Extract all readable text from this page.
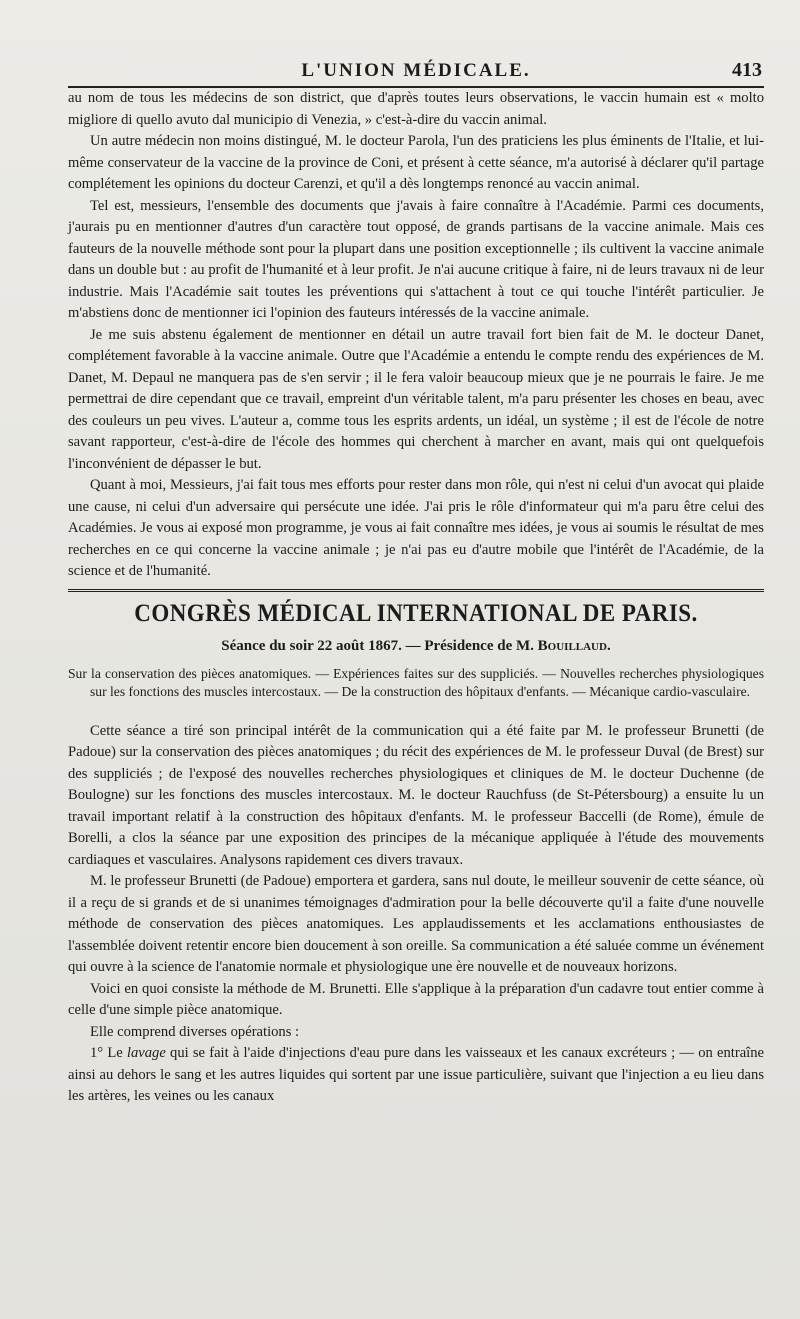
L'UNION MÉDICALE.	413

au nom de tous les médecins de son district, que d'après toutes leurs observations, le vaccin humain est « molto migliore di quello avuto dal municipio di Venezia, » c'est-à-dire du vaccin animal.

Un autre médecin non moins distingué, M. le docteur Parola, l'un des praticiens les plus éminents de l'Italie, et lui-même conservateur de la vaccine de la province de Coni, et présent à cette séance, m'a autorisé à déclarer qu'il partage complétement les opinions du docteur Carenzi, et qu'il a dès longtemps renoncé au vaccin animal.

Tel est, messieurs, l'ensemble des documents que j'avais à faire connaître à l'Académie. Parmi ces documents, j'aurais pu en mentionner d'autres d'un caractère tout opposé, de grands partisans de la vaccine animale. Mais ces fauteurs de la nouvelle méthode sont pour la plupart dans une position exceptionnelle ; ils cultivent la vaccine animale dans un double but : au profit de l'humanité et à leur profit. Je n'ai aucune critique à faire, ni de leurs travaux ni de leur industrie. Mais l'Académie sait toutes les préventions qui s'attachent à tout ce qui touche l'intérêt particulier. Je m'abstiens donc de mentionner ici l'opinion des fauteurs intéressés de la vaccine animale.

Je me suis abstenu également de mentionner en détail un autre travail fort bien fait de M. le docteur Danet, complétement favorable à la vaccine animale. Outre que l'Académie a entendu le compte rendu des expériences de M. Danet, M. Depaul ne manquera pas de s'en servir ; il le fera valoir beaucoup mieux que je ne pourrais le faire. Je me permettrai de dire cependant que ce travail, empreint d'un véritable talent, m'a paru présenter les choses en beau, avec des couleurs un peu vives. L'auteur a, comme tous les esprits ardents, un idéal, un système ; il est de l'école de notre savant rapporteur, c'est-à-dire de l'école des hommes qui cherchent à marcher en avant, mais qui ont quelquefois l'inconvénient de dépasser le but.

Quant à moi, Messieurs, j'ai fait tous mes efforts pour rester dans mon rôle, qui n'est ni celui d'un avocat qui plaide une cause, ni celui d'un adversaire qui persécute une idée. J'ai pris le rôle d'informateur qui m'a paru être celui des Académies. Je vous ai exposé mon programme, je vous ai fait connaître mes idées, je vous ai soumis le résultat de mes recherches en ce qui concerne la vaccine animale ; je n'ai pas eu d'autre mobile que l'intérêt de l'Académie, de la science et de l'humanité.

CONGRÈS MÉDICAL INTERNATIONAL DE PARIS.
Séance du soir 22 août 1867. — Présidence de M. Bouillaud.
Sur la conservation des pièces anatomiques. — Expériences faites sur des suppliciés. — Nouvelles recherches physiologiques sur les fonctions des muscles intercostaux. — De la construction des hôpitaux d'enfants. — Mécanique cardio-vasculaire.

Cette séance a tiré son principal intérêt de la communication qui a été faite par M. le professeur Brunetti (de Padoue) sur la conservation des pièces anatomiques ; du récit des expériences de M. le professeur Duval (de Brest) sur des suppliciés ; de l'exposé des nouvelles recherches physiologiques et cliniques de M. le docteur Duchenne (de Boulogne) sur les fonctions des muscles intercostaux. M. le docteur Rauchfuss (de St-Pétersbourg) a ensuite lu un travail important relatif à la construction des hôpitaux d'enfants. M. le professeur Baccelli (de Rome), émule de Borelli, a clos la séance par une exposition des principes de la mécanique appliquée à l'étude des mouvements cardiaques et vasculaires. Analysons rapidement ces divers travaux.

M. le professeur Brunetti (de Padoue) emportera et gardera, sans nul doute, le meilleur souvenir de cette séance, où il a reçu de si grands et de si unanimes témoignages d'admiration pour la belle découverte qu'il a faite d'une nouvelle méthode de conservation des pièces anatomiques. Les applaudissements et les acclamations enthousiastes de l'assemblée doivent retentir encore bien doucement à son oreille. Sa communication a été saluée comme un événement qui ouvre à la science de l'anatomie normale et physiologique une ère nouvelle et de nouveaux horizons.

Voici en quoi consiste la méthode de M. Brunetti. Elle s'applique à la préparation d'un cadavre tout entier comme à celle d'une simple pièce anatomique.

Elle comprend diverses opérations :

1° Le lavage qui se fait à l'aide d'injections d'eau pure dans les vaisseaux et les canaux excréteurs ; — on entraîne ainsi au dehors le sang et les autres liquides qui sortent par une issue particulière, suivant que l'injection a eu lieu dans les artères, les veines ou les canaux
